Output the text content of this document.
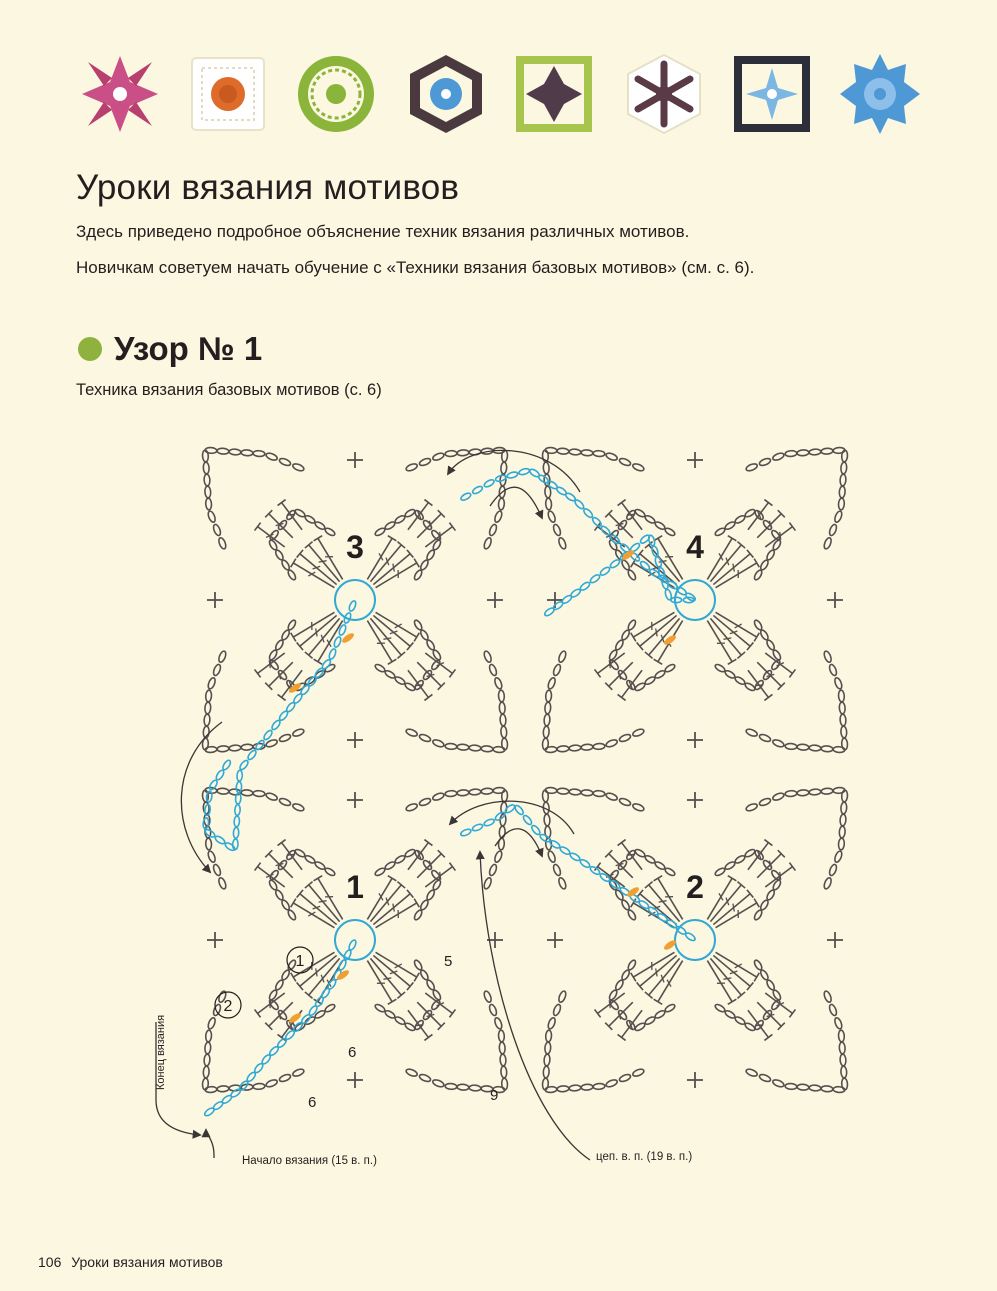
Уроки вязания мотивов

Здесь приведено подробное объяснение техник вязания различных мотивов.

Новичкам советуем начать обучение с «Техники вязания базовых мотивов» (см. с. 6).

Узор № 1

Техника вязания базовых мотивов (с. 6)

3	4
1	2
1
2
5
6
6	9
Конец вязания
Начало вязания (15 в. п.)	цеп. в. п. (19 в. п.)
106 Уроки вязания мотивов
